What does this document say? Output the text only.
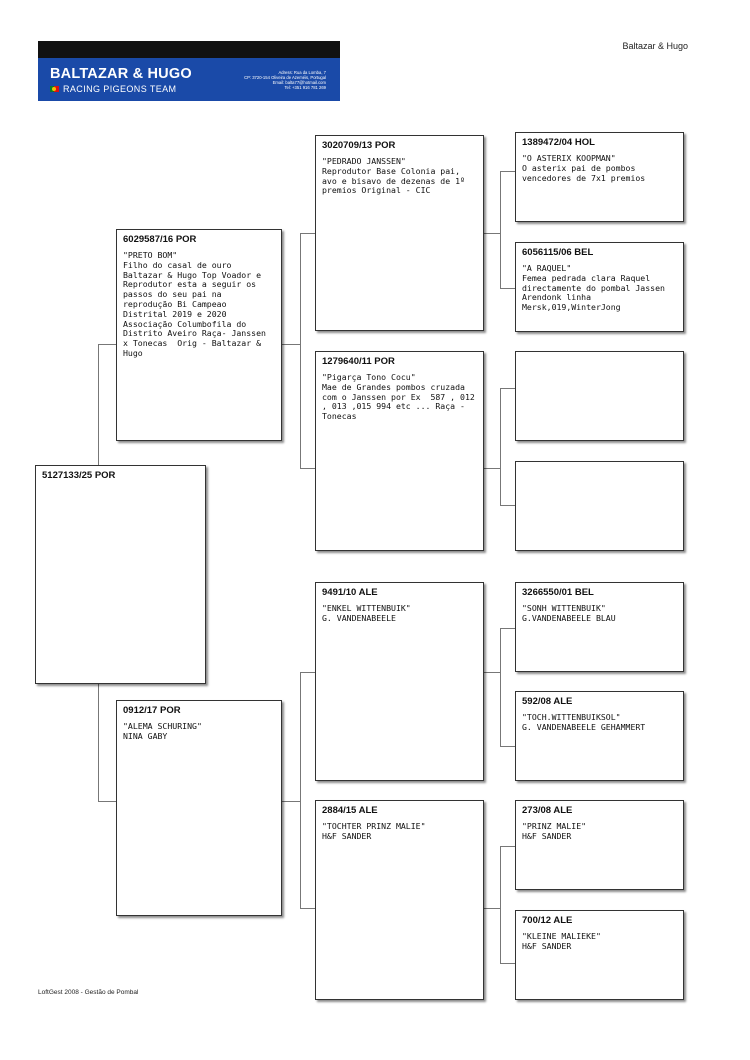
Baltazar & Hugo
BALTAZAR & HUGO
RACING PIGEONS TEAM
Adress: Rua da Lomba, 7
CP: 3720-154 Oliveira de Azeméis, Portugal
Email: balta77@hotmail.com
Tel: +351 916 781 269
5127133/25 POR
6029587/16 POR
"PRETO BOM"
Filho do casal de ouro Baltazar & Hugo Top Voador e Reprodutor esta a seguir os passos do seu pai na reprodução Bi Campeao Distrital 2019 e 2020 Associação Columbofila do Distrito Aveiro Raça- Janssen x Tonecas  Orig - Baltazar & Hugo
0912/17 POR
"ALEMA SCHURING"
NINA GABY
3020709/13 POR
"PEDRADO JANSSEN"
Reprodutor Base Colonia pai, avo e bisavo de dezenas de 1º premios Original - CIC
1279640/11 POR
"Pigarça Tono Cocu"
Mae de Grandes pombos cruzada com o Janssen por Ex  587 , 012 , 013 ,015 994 etc ... Raça - Tonecas
9491/10 ALE
"ENKEL WITTENBUIK"
G. VANDENABEELE
2884/15 ALE
"TOCHTER PRINZ MALIE"
H&F SANDER
1389472/04 HOL
"O ASTERIX KOOPMAN"
O asterix pai de pombos vencedores de 7x1 premios
6056115/06 BEL
"A RAQUEL"
Femea pedrada clara Raquel  directamente do pombal Jassen Arendonk linha Mersk,019,WinterJong
3266550/01 BEL
"SONH WITTENBUIK"
G.VANDENABEELE BLAU
592/08 ALE
"TOCH.WITTENBUIKSOL"
G. VANDENABEELE GEHAMMERT
273/08 ALE
"PRINZ MALIE"
H&F SANDER
700/12 ALE
"KLEINE MALIEKE"
H&F SANDER
LoftGest 2008 - Gestão de Pombal
